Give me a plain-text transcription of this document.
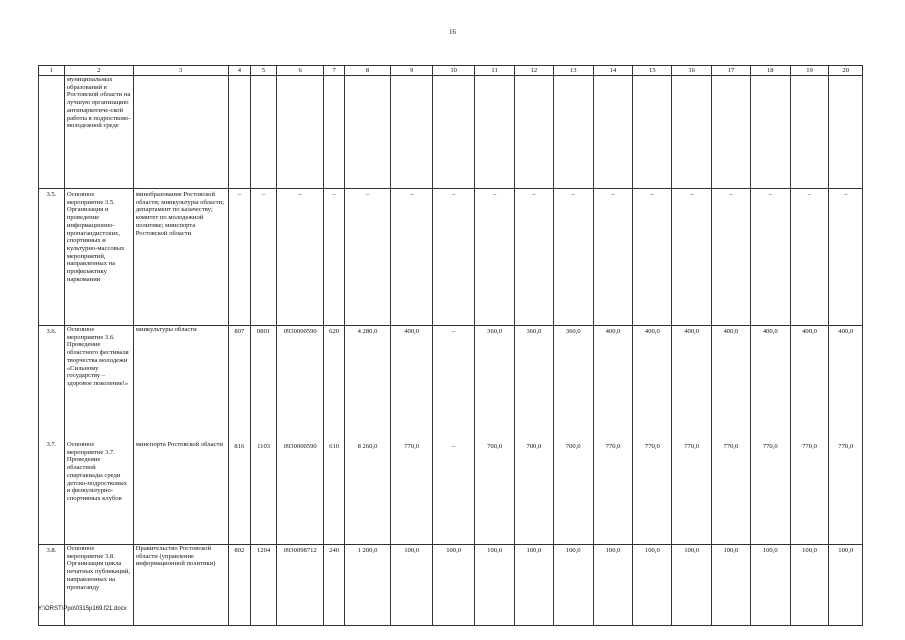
16
1	2	3	4	5	6	7	8	9	10	11	12	13	14	15	16	17	18	19	20
	муниципальных образований в Ростовской области на лучшую организацию антинаркотиче-ской работы в подростково-молодежной среде																		
3.5.	Основное мероприятие 3.5. Организация и проведение информационно-пропагандистских, спортивных и культурно-массовых мероприятий, направленных на профилактику наркомании	минобразование Ростовской области; минкультуры области; департамент по казачеству; комитет по молодежной политике; минспорта Ростовской области	–	–	–	–	–	–	–	–	–	–	–	–	–	–	–	–	–
3.6.	Основное мероприятие 3.6. Проведение областного фестиваля творчества молодежи «Сильному государству – здоровое поколение!»	минкультуры области	807	0801	0930000590	620	4 280,0	400,0	–	360,0	360,0	360,0	400,0	400,0	400,0	400,0	400,0	400,0	400,0
3.7.	Основное мероприятие 3.7. Проведение областной спартакиады среди детско-подростковых и физкультурно-спортивных клубов	минспорта Ростовской области	816	1103	0930000590	610	8 260,0	770,0	–	700,0	700,0	700,0	770,0	770,0	770,0	770,0	770,0	770,0	770,0
3.8.	Основное мероприятие 3.8. Организация цикла печатных публикаций, направленных на пропаганду	Правительство Ростовской области (управление информационной политики)	802	1204	0930098712	240	1 200,0	100,0	100,0	100,0	100,0	100,0	100,0	100,0	100,0	100,0	100,0	100,0	100,0
Y:\ORST\Ppo\0315p169.f21.docx
